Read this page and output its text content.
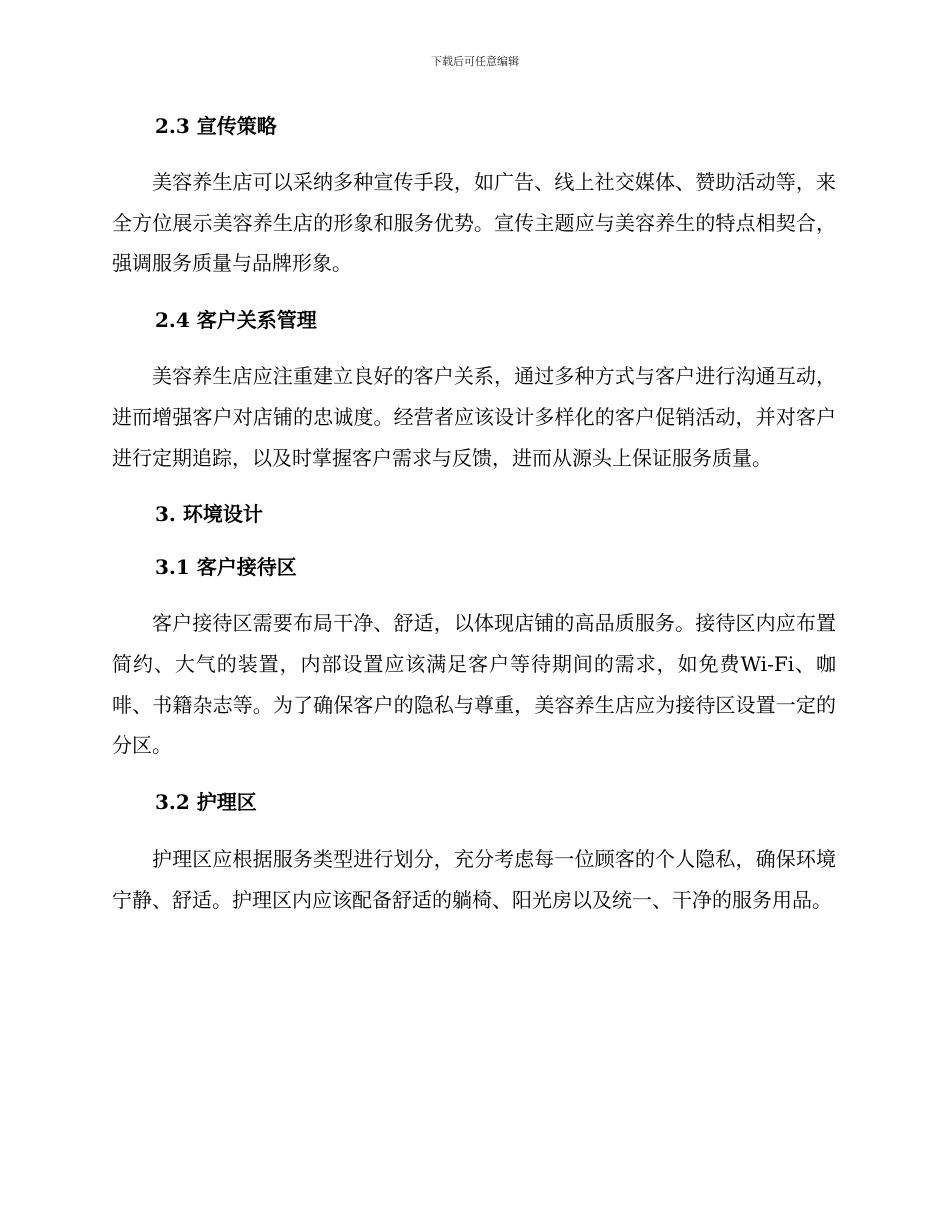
下载后可任意编辑
2.3 宣传策略

美容养生店可以采纳多种宣传手段，如广告、线上社交媒体、赞助活动等，来全方位展示美容养生店的形象和服务优势。宣传主题应与美容养生的特点相契合，强调服务质量与品牌形象。

2.4 客户关系管理

美容养生店应注重建立良好的客户关系，通过多种方式与客户进行沟通互动，进而增强客户对店铺的忠诚度。经营者应该设计多样化的客户促销活动，并对客户进行定期追踪，以及时掌握客户需求与反馈，进而从源头上保证服务质量。

3. 环境设计
3.1 客户接待区

客户接待区需要布局干净、舒适，以体现店铺的高品质服务。接待区内应布置简约、大气的装置，内部设置应该满足客户等待期间的需求，如免费Wi-Fi、咖啡、书籍杂志等。为了确保客户的隐私与尊重，美容养生店应为接待区设置一定的分区。

3.2 护理区

护理区应根据服务类型进行划分，充分考虑每一位顾客的个人隐私，确保环境宁静、舒适。护理区内应该配备舒适的躺椅、阳光房以及统一、干净的服务用品。
